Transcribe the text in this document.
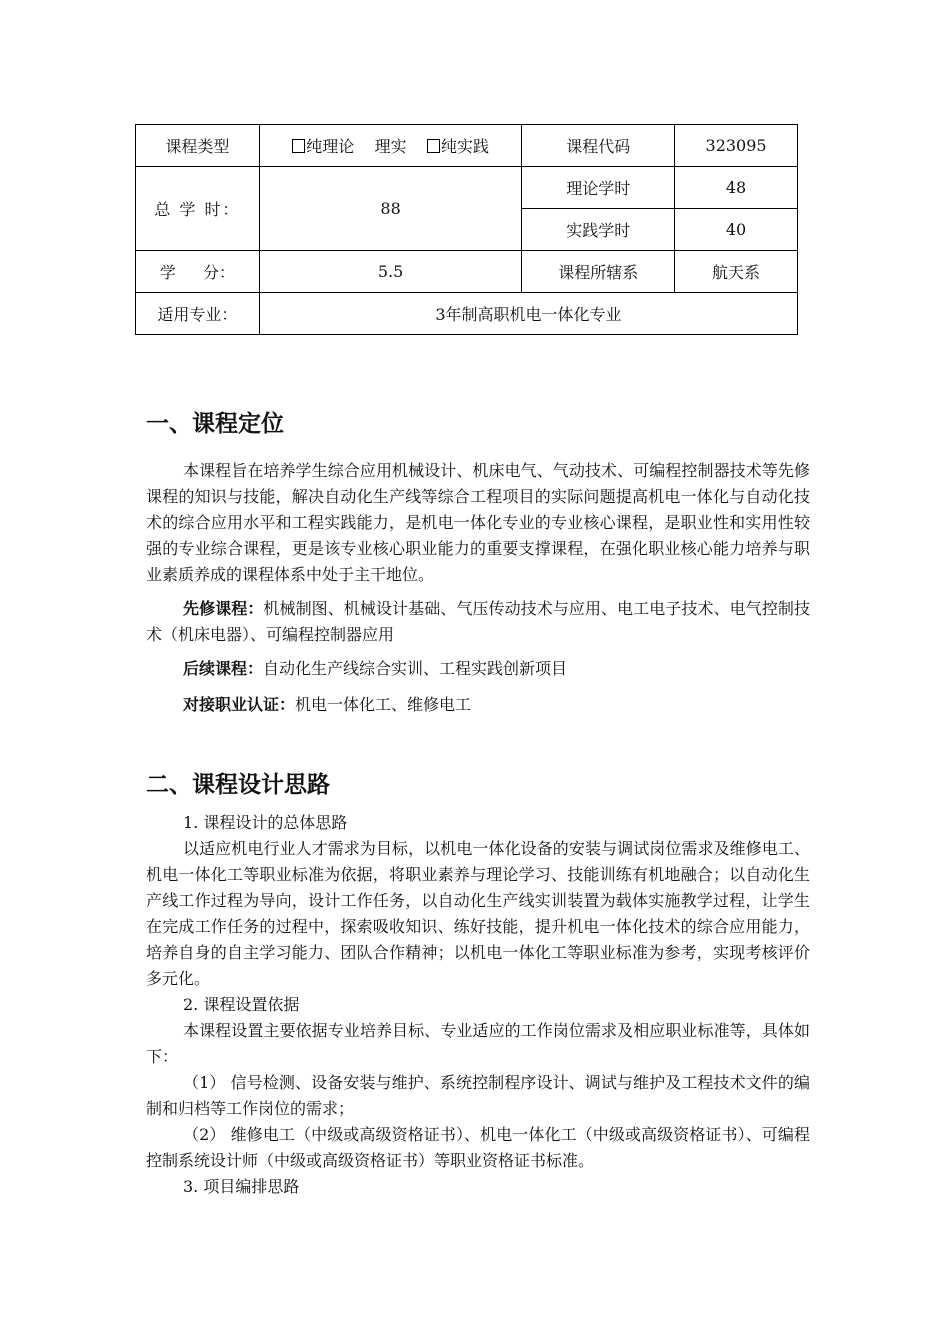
课程类型	纯理论 理实 纯实践	课程代码	323095
总 学 时：	88	理论学时	48
		实践学时	40
学 分：	5.5	课程所辖系	航天系
适用专业：	3年制高职机电一体化专业		
一、课程定位

本课程旨在培养学生综合应用机械设计、机床电气、气动技术、可编程控制器技术等先修课程的知识与技能，解决自动化生产线等综合工程项目的实际问题提高机电一体化与自动化技术的综合应用水平和工程实践能力，是机电一体化专业的专业核心课程，是职业性和实用性较强的专业综合课程，更是该专业核心职业能力的重要支撑课程，在强化职业核心能力培养与职业素质养成的课程体系中处于主干地位。

先修课程：机械制图、机械设计基础、气压传动技术与应用、电工电子技术、电气控制技术（机床电器）、可编程控制器应用

后续课程：自动化生产线综合实训、工程实践创新项目

对接职业认证：机电一体化工、维修电工

二、课程设计思路

1. 课程设计的总体思路

以适应机电行业人才需求为目标，以机电一体化设备的安装与调试岗位需求及维修电工、机电一体化工等职业标准为依据，将职业素养与理论学习、技能训练有机地融合；以自动化生产线工作过程为导向，设计工作任务，以自动化生产线实训装置为载体实施教学过程，让学生在完成工作任务的过程中，探索吸收知识、练好技能，提升机电一体化技术的综合应用能力，培养自身的自主学习能力、团队合作精神；以机电一体化工等职业标准为参考，实现考核评价多元化。

2. 课程设置依据

本课程设置主要依据专业培养目标、专业适应的工作岗位需求及相应职业标准等，具体如下：

（1） 信号检测、设备安装与维护、系统控制程序设计、调试与维护及工程技术文件的编制和归档等工作岗位的需求；

（2） 维修电工（中级或高级资格证书）、机电一体化工（中级或高级资格证书）、可编程控制系统设计师（中级或高级资格证书）等职业资格证书标准。

3. 项目编排思路
